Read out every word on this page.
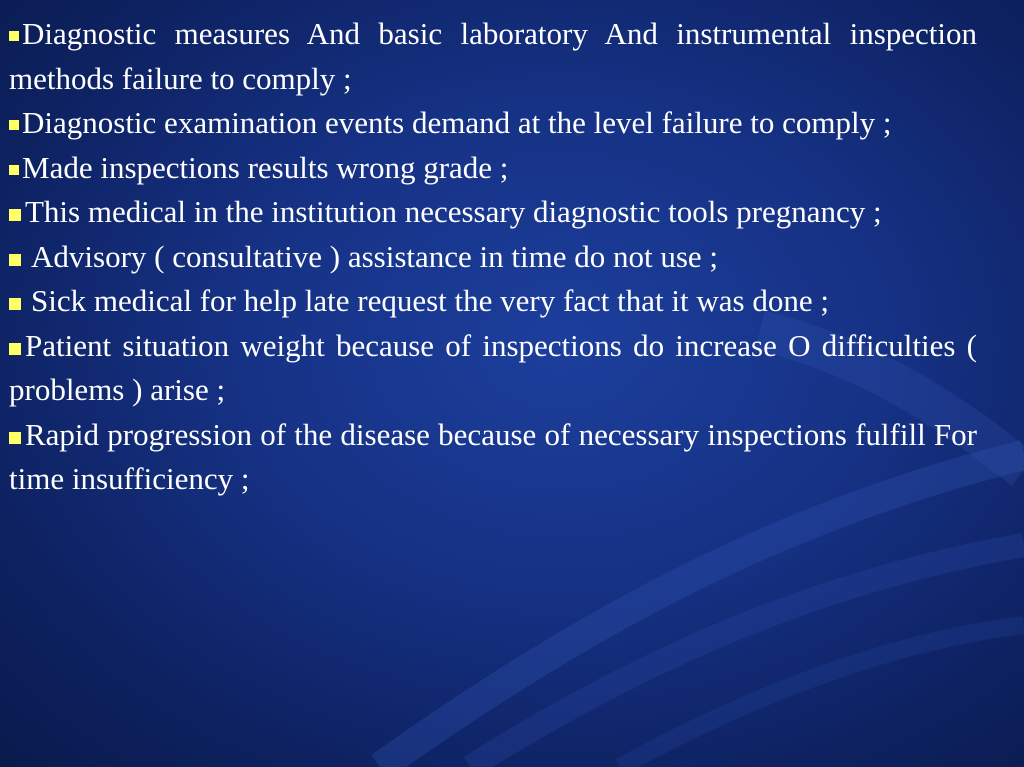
Diagnostic measures And basic laboratory And instrumental inspection methods failure to comply ;

Diagnostic examination events demand at the level failure to comply ;

Made inspections results wrong grade ;

This medical in the institution necessary diagnostic tools pregnancy ;

Advisory ( consultative ) assistance in time do not use ;

Sick medical for help late request the very fact that it was done ;

Patient situation weight because of inspections do increase O difficulties ( problems ) arise ;

Rapid progression of the disease because of necessary inspections fulfill For time insufficiency ;
